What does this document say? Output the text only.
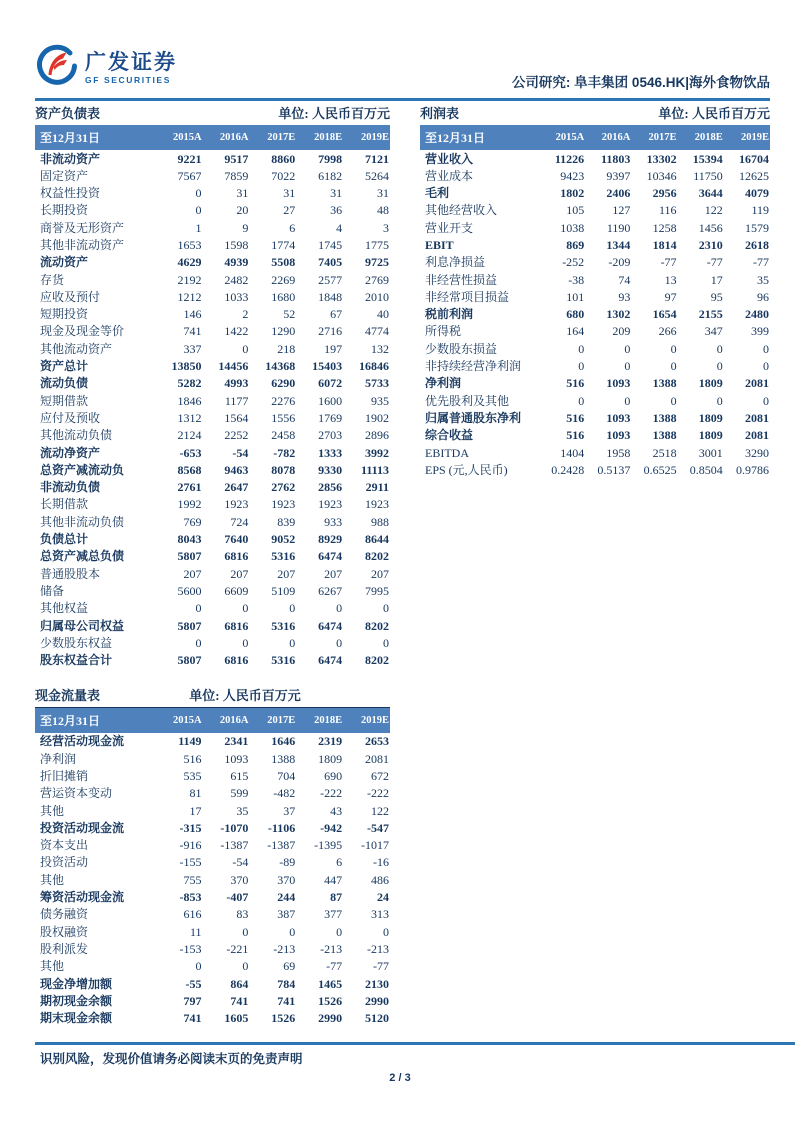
广发证券
GF SECURITIES	公司研究: 阜丰集团 0546.HK|海外食物饮品
资产负债表	单位: 人民币百万元
至12月31日	2015A	2016A	2017E	2018E	2019E
非流动资产	9221	9517	8860	7998	7121
固定资产	7567	7859	7022	6182	5264
权益性投资	0	31	31	31	31
长期投资	0	20	27	36	48
商誉及无形资产	1	9	6	4	3
其他非流动资产	1653	1598	1774	1745	1775
流动资产	4629	4939	5508	7405	9725
存货	2192	2482	2269	2577	2769
应收及预付	1212	1033	1680	1848	2010
短期投资	146	2	52	67	40
现金及现金等价	741	1422	1290	2716	4774
其他流动资产	337	0	218	197	132
资产总计	13850	14456	14368	15403	16846
流动负债	5282	4993	6290	6072	5733
短期借款	1846	1177	2276	1600	935
应付及预收	1312	1564	1556	1769	1902
其他流动负债	2124	2252	2458	2703	2896
流动净资产	-653	-54	-782	1333	3992
总资产减流动负	8568	9463	8078	9330	11113
非流动负债	2761	2647	2762	2856	2911
长期借款	1992	1923	1923	1923	1923
其他非流动负债	769	724	839	933	988
负债总计	8043	7640	9052	8929	8644
总资产减总负债	5807	6816	5316	6474	8202
普通股股本	207	207	207	207	207
储备	5600	6609	5109	6267	7995
其他权益	0	0	0	0	0
归属母公司权益	5807	6816	5316	6474	8202
少数股东权益	0	0	0	0	0
股东权益合计	5807	6816	5316	6474	8202
现金流量表	单位: 人民币百万元
至12月31日	2015A	2016A	2017E	2018E	2019E
经营活动现金流	1149	2341	1646	2319	2653
净利润	516	1093	1388	1809	2081
折旧摊销	535	615	704	690	672
营运资本变动	81	599	-482	-222	-222
其他	17	35	37	43	122
投资活动现金流	-315	-1070	-1106	-942	-547
资本支出	-916	-1387	-1387	-1395	-1017
投资活动	-155	-54	-89	6	-16
其他	755	370	370	447	486
筹资活动现金流	-853	-407	244	87	24
债务融资	616	83	387	377	313
股权融资	11	0	0	0	0
股利派发	-153	-221	-213	-213	-213
其他	0	0	69	-77	-77
现金净增加额	-55	864	784	1465	2130
期初现金余额	797	741	741	1526	2990
期末现金余额	741	1605	1526	2990	5120
利润表	单位: 人民币百万元
至12月31日	2015A	2016A	2017E	2018E	2019E
营业收入	11226	11803	13302	15394	16704
营业成本	9423	9397	10346	11750	12625
毛利	1802	2406	2956	3644	4079
其他经营收入	105	127	116	122	119
营业开支	1038	1190	1258	1456	1579
EBIT	869	1344	1814	2310	2618
利息净损益	-252	-209	-77	-77	-77
非经营性损益	-38	74	13	17	35
非经常项目损益	101	93	97	95	96
税前利润	680	1302	1654	2155	2480
所得税	164	209	266	347	399
少数股东损益	0	0	0	0	0
非持续经营净利润	0	0	0	0	0
净利润	516	1093	1388	1809	2081
优先股利及其他	0	0	0	0	0
归属普通股东净利	516	1093	1388	1809	2081
综合收益	516	1093	1388	1809	2081
EBITDA	1404	1958	2518	3001	3290
EPS (元,人民币)	0.2428	0.5137	0.6525	0.8504	0.9786
识别风险，发现价值请务必阅读末页的免责声明
2 / 3
